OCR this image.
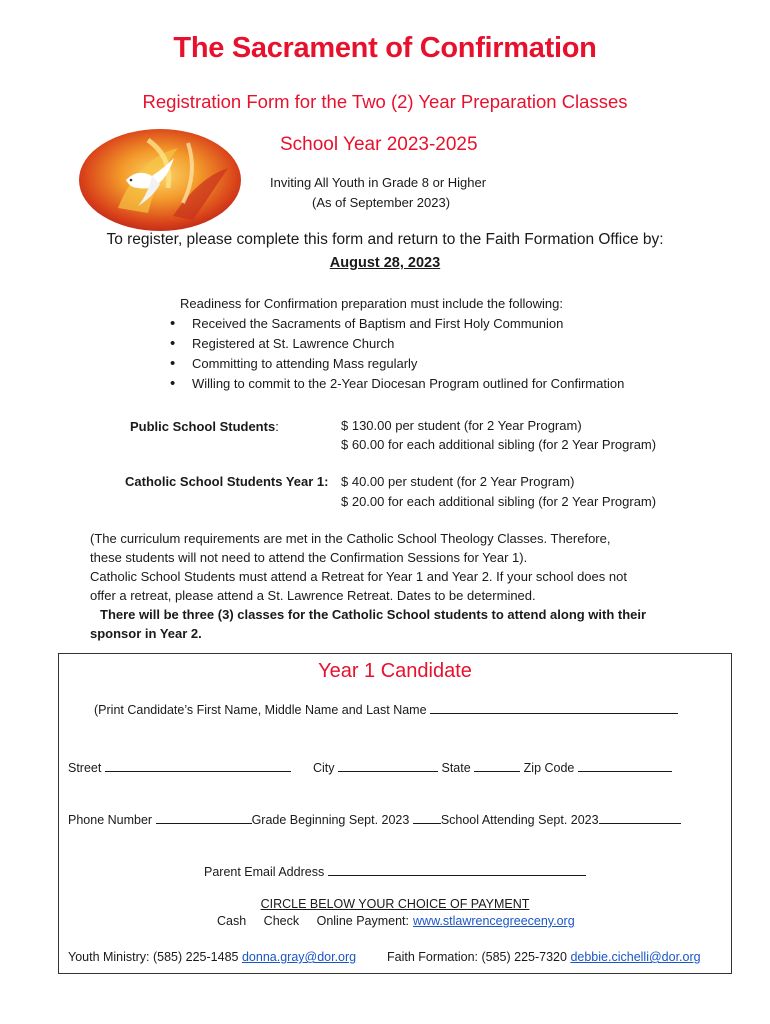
The Sacrament of Confirmation
Registration Form for the Two (2) Year Preparation Classes
School Year 2023-2025
Inviting All Youth in Grade 8 or Higher
(As of September 2023)
To register, please complete this form and return to the Faith Formation Office by:
August 28, 2023
Readiness for Confirmation preparation must include the following:
• Received the Sacraments of Baptism and First Holy Communion
• Registered at St. Lawrence Church
• Committing to attending Mass regularly
• Willing to commit to the 2-Year Diocesan Program outlined for Confirmation
Public School Students:	$ 130.00 per student (for 2 Year Program)
$ 60.00 for each additional sibling (for 2 Year Program)
Catholic School Students Year 1: $ 40.00 per student (for 2 Year Program)
$ 20.00 for each additional sibling (for 2 Year Program)
(The curriculum requirements are met in the Catholic School Theology Classes. Therefore,
these students will not need to attend the Confirmation Sessions for Year 1).
Catholic School Students must attend a Retreat for Year 1 and Year 2. If your school does not
offer a retreat, please attend a St. Lawrence Retreat. Dates to be determined.
There will be three (3) classes for the Catholic School students to attend along with their
sponsor in Year 2.
Year 1 Candidate
(Print Candidate’s First Name, Middle Name and Last Name
Street	City	State	Zip Code
Phone Number	Grade Beginning Sept. 2023	School Attending Sept. 2023
Parent Email Address
CIRCLE BELOW YOUR CHOICE OF PAYMENT
Cash Check Online Payment: www.stlawrencegreeceny.org
Youth Ministry: (585) 225-1485 donna.gray@dor.org Faith Formation: (585) 225-7320 debbie.cichelli@dor.org
